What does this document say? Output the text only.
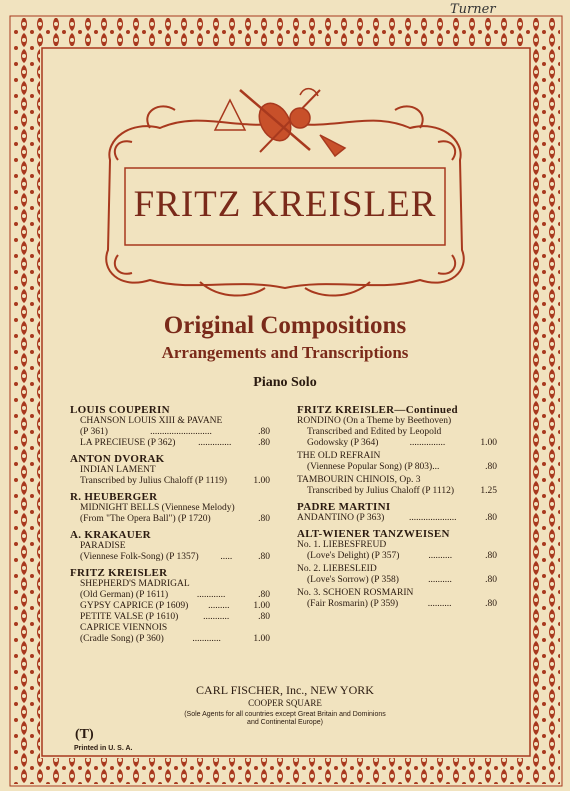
Turner
FRITZ KREISLER
Original Compositions
Arrangements and Transcriptions
Piano Solo
LOUIS COUPERIN
CHANSON LOUIS XIII & PAVANE
(P 361)	..........................	.80
LA PRECIEUSE (P 362) ..............	.80
ANTON DVORAK
INDIAN LAMENT
Transcribed by Julius Chaloff (P 1119)	1.00
R. HEUBERGER
MIDNIGHT BELLS (Viennese Melody)
(From "The Opera Ball") (P 1720)	.80
A. KRAKAUER
PARADISE
(Viennese Folk-Song) (P 1357) .....	.80
FRITZ KREISLER
SHEPHERD'S MADRIGAL
(Old German) (P 1611)	............	.80
GYPSY CAPRICE (P 1609) .........	1.00
PETITE VALSE (P 1610)	...........	.80
CAPRICE VIENNOIS
(Cradle Song) (P 360)	............	1.00
FRITZ KREISLER—Continued
RONDINO (On a Theme by Beethoven)
Transcribed and Edited by Leopold
Godowsky (P 364)	...............	1.00
THE OLD REFRAIN
(Viennese Popular Song) (P 803)...	.80
TAMBOURIN CHINOIS, Op. 3
Transcribed by Julius Chaloff (P 1112)	1.25
PADRE MARTINI
ANDANTINO (P 363)	....................	.80
ALT-WIENER TANZWEISEN
No. 1. LIEBESFREUD
(Love's Delight) (P 357)	..........	.80
No. 2. LIEBESLEID
(Love's Sorrow) (P 358)	..........	.80
No. 3. SCHOEN ROSMARIN
(Fair Rosmarin) (P 359)	..........	.80
CARL FISCHER, Inc., NEW YORK
COOPER SQUARE
(Sole Agents for all countries except Great Britain and Dominions
and Continental Europe)
(T)
Printed in U. S. A.
